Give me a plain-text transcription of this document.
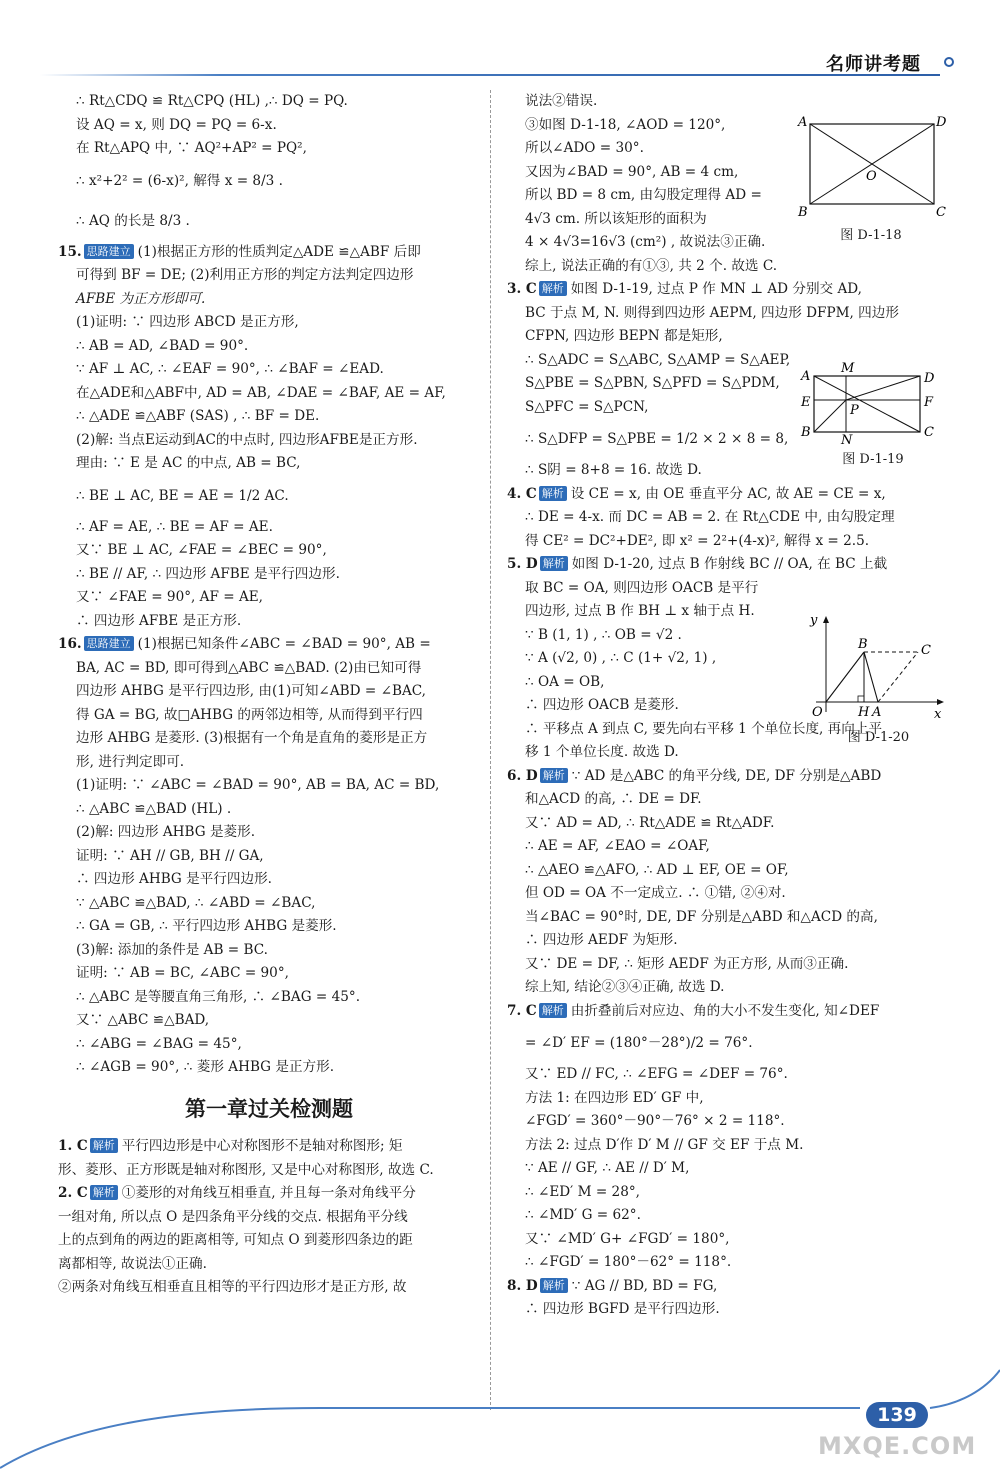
名师讲考题
∴ Rt△CDQ ≌ Rt△CPQ (HL) ,∴ DQ = PQ.
设 AQ = x, 则 DQ = PQ = 6-x.
在 Rt△APQ 中, ∵ AQ²+AP² = PQ²,
∴ x²+2² = (6-x)², 解得 x = 8/3 .
∴ AQ 的长是 8/3 .
15. 思路建立 (1)根据正方形的性质判定△ADE ≌△ABF 后即
可得到 BF = DE; (2)利用正方形的判定方法判定四边形
AFBE 为正方形即可.
(1)证明: ∵ 四边形 ABCD 是正方形,
∴ AB = AD, ∠BAD = 90°.
∵ AF ⊥ AC, ∴ ∠EAF = 90°, ∴ ∠BAF = ∠EAD.
在△ADE和△ABF中, AD = AB, ∠DAE = ∠BAF, AE = AF,
∴ △ADE ≌△ABF (SAS) , ∴ BF = DE.
(2)解: 当点E运动到AC的中点时, 四边形AFBE是正方形.
理由: ∵ E 是 AC 的中点, AB = BC,
∴ BE ⊥ AC, BE = AE = 1/2 AC.
∴ AF = AE, ∴ BE = AF = AE.
又∵ BE ⊥ AC, ∠FAE = ∠BEC = 90°,
∴ BE // AF, ∴ 四边形 AFBE 是平行四边形.
又∵ ∠FAE = 90°, AF = AE,
∴ 四边形 AFBE 是正方形.
16. 思路建立 (1)根据已知条件∠ABC = ∠BAD = 90°, AB =
BA, AC = BD, 即可得到△ABC ≌△BAD. (2)由已知可得
四边形 AHBG 是平行四边形, 由(1)可知∠ABD = ∠BAC,
得 GA = BG, 故□AHBG 的两邻边相等, 从而得到平行四
边形 AHBG 是菱形. (3)根据有一个角是直角的菱形是正方
形, 进行判定即可.
(1)证明: ∵ ∠ABC = ∠BAD = 90°, AB = BA, AC = BD,
∴ △ABC ≌△BAD (HL) .
(2)解: 四边形 AHBG 是菱形.
证明: ∵ AH // GB, BH // GA,
∴ 四边形 AHBG 是平行四边形.
∵ △ABC ≌△BAD, ∴ ∠ABD = ∠BAC,
∴ GA = GB, ∴ 平行四边形 AHBG 是菱形.
(3)解: 添加的条件是 AB = BC.
证明: ∵ AB = BC, ∠ABC = 90°,
∴ △ABC 是等腰直角三角形, ∴ ∠BAG = 45°.
又∵ △ABC ≌△BAD,
∴ ∠ABG = ∠BAG = 45°,
∴ ∠AGB = 90°, ∴ 菱形 AHBG 是正方形.
第一章过关检测题
1. C 解析 平行四边形是中心对称图形不是轴对称图形; 矩
形、菱形、正方形既是轴对称图形, 又是中心对称图形, 故选 C.
2. C 解析 ①菱形的对角线互相垂直, 并且每一条对角线平分
一组对角, 所以点 O 是四条角平分线的交点. 根据角平分线
上的点到角的两边的距离相等, 可知点 O 到菱形四条边的距
离都相等, 故说法①正确.
②两条对角线互相垂直且相等的平行四边形才是正方形, 故
说法②错误.
③如图 D-1-18, ∠AOD = 120°,
所以∠ADO = 30°.
又因为∠BAD = 90°, AB = 4 cm,
所以 BD = 8 cm, 由勾股定理得 AD =
4√3 cm. 所以该矩形的面积为
4 × 4√3=16√3 (cm²) , 故说法③正确.
综上, 说法正确的有①③, 共 2 个. 故选 C.
3. C 解析 如图 D-1-19, 过点 P 作 MN ⊥ AD 分别交 AD,
BC 于点 M, N. 则得到四边形 AEPM, 四边形 DFPM, 四边形
CFPN, 四边形 BEPN 都是矩形,
∴ S△ADC = S△ABC, S△AMP = S△AEP,
S△PBE = S△PBN, S△PFD = S△PDM,
S△PFC = S△PCN,
∴ S△DFP = S△PBE = 1/2 × 2 × 8 = 8,
∴ S阴 = 8+8 = 16. 故选 D.
4. C 解析 设 CE = x, 由 OE 垂直平分 AC, 故 AE = CE = x,
∴ DE = 4-x. 而 DC = AB = 2. 在 Rt△CDE 中, 由勾股定理
得 CE² = DC²+DE², 即 x² = 2²+(4-x)², 解得 x = 2.5.
5. D 解析 如图 D-1-20, 过点 B 作射线 BC // OA, 在 BC 上截
取 BC = OA, 则四边形 OACB 是平行
四边形, 过点 B 作 BH ⊥ x 轴于点 H.
∵ B (1, 1) , ∴ OB = √2 .
∵ A (√2, 0) , ∴ C (1+ √2, 1) ,
∴ OA = OB,
∴ 四边形 OACB 是菱形.
∴ 平移点 A 到点 C, 要先向右平移 1 个单位长度, 再向上平
移 1 个单位长度. 故选 D.
6. D 解析 ∵ AD 是△ABC 的角平分线, DE, DF 分别是△ABD
和△ACD 的高, ∴ DE = DF.
又∵ AD = AD, ∴ Rt△ADE ≌ Rt△ADF.
∴ AE = AF, ∠EAO = ∠OAF,
∴ △AEO ≌△AFO, ∴ AD ⊥ EF, OE = OF,
但 OD = OA 不一定成立. ∴ ①错, ②④对.
当∠BAC = 90°时, DE, DF 分别是△ABD 和△ACD 的高,
∴ 四边形 AEDF 为矩形.
又∵ DE = DF, ∴ 矩形 AEDF 为正方形, 从而③正确.
综上知, 结论②③④正确, 故选 D.
7. C 解析 由折叠前后对应边、角的大小不发生变化, 知∠DEF
= ∠D′ EF = (180°－28°)/2 = 76°.
又∵ ED // FC, ∴ ∠EFG = ∠DEF = 76°.
方法 1: 在四边形 ED′ GF 中,
∠FGD′ = 360°－90°－76° × 2 = 118°.
方法 2: 过点 D′作 D′ M // GF 交 EF 于点 M.
∵ AE // GF, ∴ AE // D′ M,
∴ ∠ED′ M = 28°,
∴ ∠MD′ G = 62°.
又∵ ∠MD′ G+ ∠FGD′ = 180°,
∴ ∠FGD′ = 180°－62° = 118°.
8. D 解析 ∵ AG // BD, BD = FG,
∴ 四边形 BGFD 是平行四边形.
A	D
O
B	C
图 D-1-18
A
M
D
E
P
F
B
N
C
图 D-1-19
y
B	C
O	H A	x
图 D-1-20
139
MXQE.COM
